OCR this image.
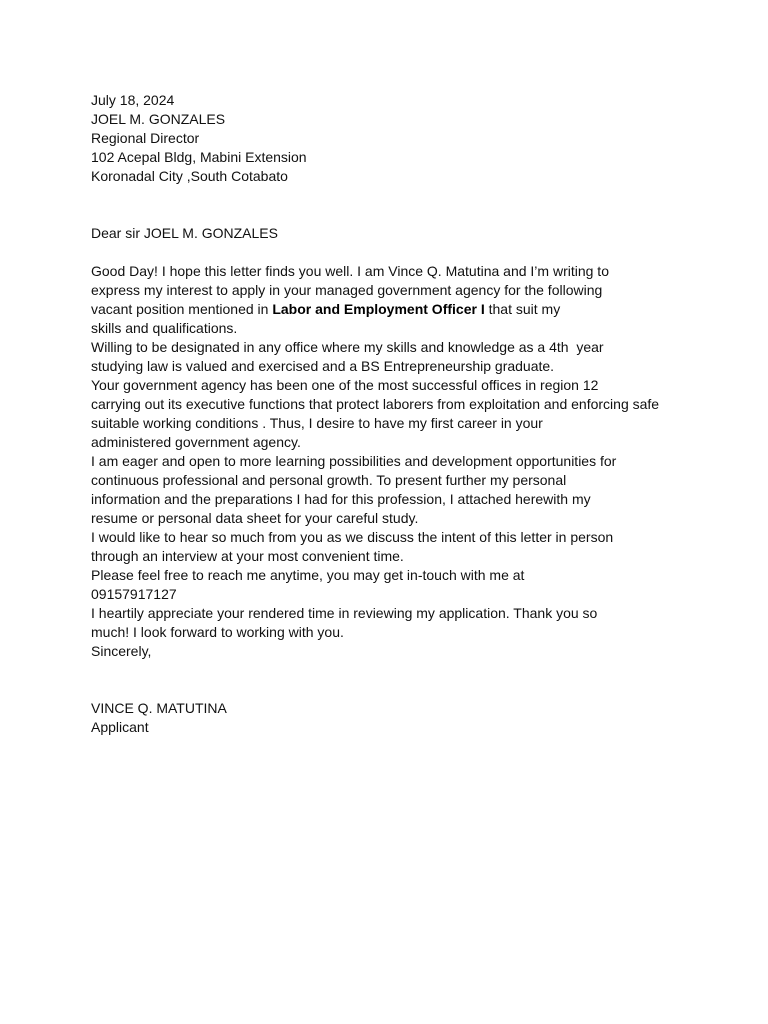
July 18, 2024
JOEL M. GONZALES
Regional Director
102 Acepal Bldg, Mabini Extension
Koronadal City ,South Cotabato
Dear sir JOEL M. GONZALES
Good Day! I hope this letter finds you well. I am Vince Q. Matutina and I’m writing to
express my interest to apply in your managed government agency for the following
vacant position mentioned in Labor and Employment Officer I that suit my
skills and qualifications.
Willing to be designated in any office where my skills and knowledge as a 4th  year
studying law is valued and exercised and a BS Entrepreneurship graduate.
Your government agency has been one of the most successful offices in region 12
carrying out its executive functions that protect laborers from exploitation and enforcing safe
suitable working conditions . Thus, I desire to have my first career in your
administered government agency.
I am eager and open to more learning possibilities and development opportunities for
continuous professional and personal growth. To present further my personal
information and the preparations I had for this profession, I attached herewith my
resume or personal data sheet for your careful study.
I would like to hear so much from you as we discuss the intent of this letter in person
through an interview at your most convenient time.
Please feel free to reach me anytime, you may get in-touch with me at
09157917127
I heartily appreciate your rendered time in reviewing my application. Thank you so
much! I look forward to working with you.
Sincerely,
VINCE Q. MATUTINA
Applicant
